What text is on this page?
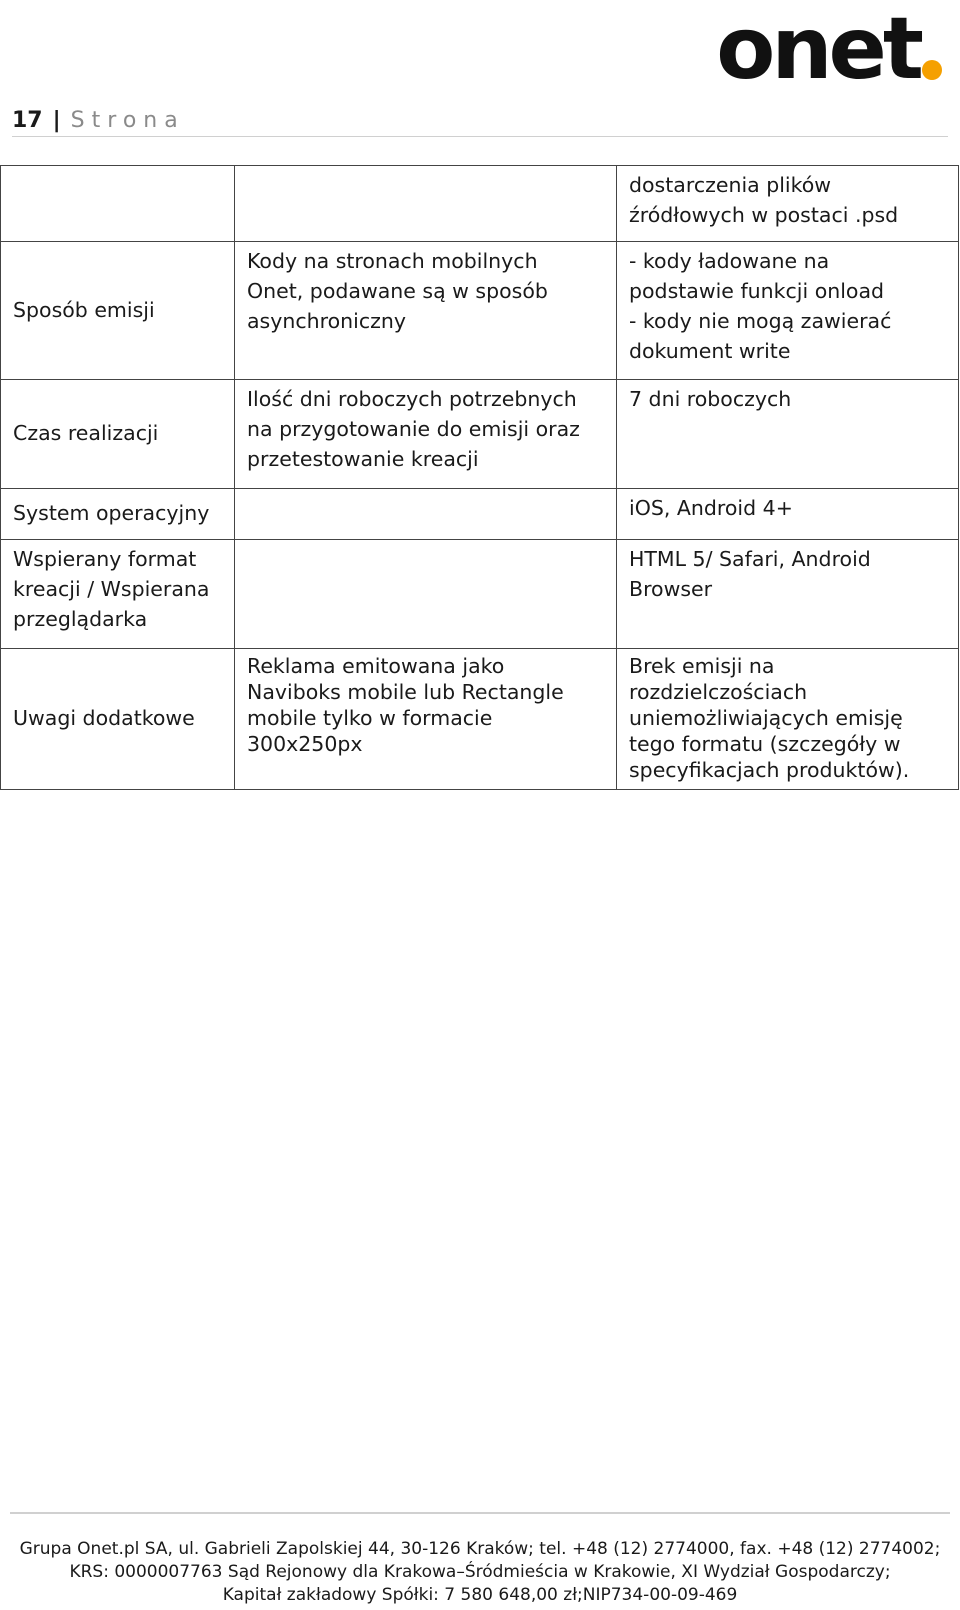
onet
17 | Strona

		dostarczenia plików
źródłowych w postaci .psd

Sposób emisji	Kody na stronach mobilnych
Onet, podawane są w sposób
asynchroniczny	- kody ładowane na
podstawie funkcji onload
- kody nie mogą zawierać
dokument write

Czas realizacji	Ilość dni roboczych potrzebnych
na przygotowanie do emisji oraz
przetestowanie kreacji	7 dni roboczych

System operacyjny		iOS, Android 4+

Wspierany format kreacji / Wspierana przeglądarka		HTML 5/ Safari, Android
Browser

Uwagi dodatkowe	Reklama emitowana jako
Naviboks mobile lub Rectangle
mobile tylko w formacie
300x250px	Brek emisji na
rozdzielczościach
uniemożliwiających emisję
tego formatu (szczegóły w
specyfikacjach produktów).
Grupa Onet.pl SA, ul. Gabrieli Zapolskiej 44, 30-126 Kraków; tel. +48 (12) 2774000, fax. +48 (12) 2774002;
KRS: 0000007763 Sąd Rejonowy dla Krakowa–Śródmieścia w Krakowie, XI Wydział Gospodarczy;
Kapitał zakładowy Spółki: 7 580 648,00 zł;NIP734-00-09-469
